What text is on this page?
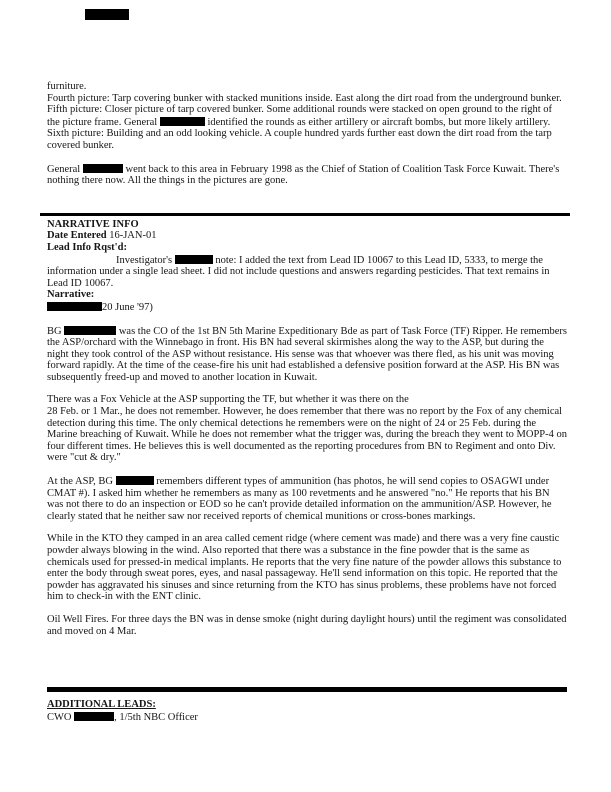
furniture.
Fourth picture: Tarp covering bunker with stacked munitions inside. East along the dirt road from the underground bunker.
Fifth picture: Closer picture of tarp covered bunker. Some additional rounds were stacked on open ground to the right of the picture frame. General	identified the rounds as either artillery or aircraft bombs, but more likely artillery.
Sixth picture: Building and an odd looking vehicle. A couple hundred yards further east down the dirt road from the tarp covered bunker.
General	went back to this area in February 1998 as the Chief of Station of Coalition Task Force Kuwait. There's nothing there now. All the things in the pictures are gone.
NARRATIVE INFO
Date Entered 16-JAN-01
Lead Info Rqst'd:
Investigator's	note: I added the text from Lead ID 10067 to this Lead ID, 5333, to merge the information under a single lead sheet. I did not include questions and answers regarding pesticides. That text remains in Lead ID 10067.
Narrative:
20 June '97)
BG	was the CO of the 1st BN 5th Marine Expeditionary Bde as part of Task Force (TF) Ripper. He remembers the ASP/orchard with the Winnebago in front. His BN had several skirmishes along the way to the ASP, but during the night they took control of the ASP without resistance. His sense was that whoever was there fled, as his unit was moving forward rapidly. At the time of the cease-fire his unit had established a defensive position forward at the ASP. His BN was subsequently freed-up and moved to another location in Kuwait.
There was a Fox Vehicle at the ASP supporting the TF, but whether it was there on the
28 Feb. or 1 Mar., he does not remember. However, he does remember that there was no report by the Fox of any chemical detection during this time. The only chemical detections he remembers were on the night of 24 or 25 Feb. during the Marine breaching of Kuwait. While he does not remember what the trigger was, during the breach they went to MOPP-4 on four different times. He believes this is well documented as the reporting procedures from BN to Regiment and onto Div. were "cut & dry."
At the ASP, BG	remembers different types of ammunition (has photos, he will send copies to OSAGWI under CMAT #). I asked him whether he remembers as many as 100 revetments and he answered "no." He reports that his BN was not there to do an inspection or EOD so he can't provide detailed information on the ammunition/ASP. However, he clearly stated that he neither saw nor received reports of chemical munitions or cross-bones markings.
While in the KTO they camped in an area called cement ridge (where cement was made) and there was a very fine caustic powder always blowing in the wind. Also reported that there was a substance in the fine powder that is the same as chemicals used for pressed-in medical implants. He reports that the very fine nature of the powder allows this substance to enter the body through sweat pores, eyes, and nasal passageway. He'll send information on this topic. He reported that the powder has aggravated his sinuses and since returning from the KTO has sinus problems, these problems have not forced him to check-in with the ENT clinic.
Oil Well Fires. For three days the BN was in dense smoke (night during daylight hours) until the regiment was consolidated and moved on 4 Mar.
ADDITIONAL LEADS:
CWO	, 1/5th NBC Officer
